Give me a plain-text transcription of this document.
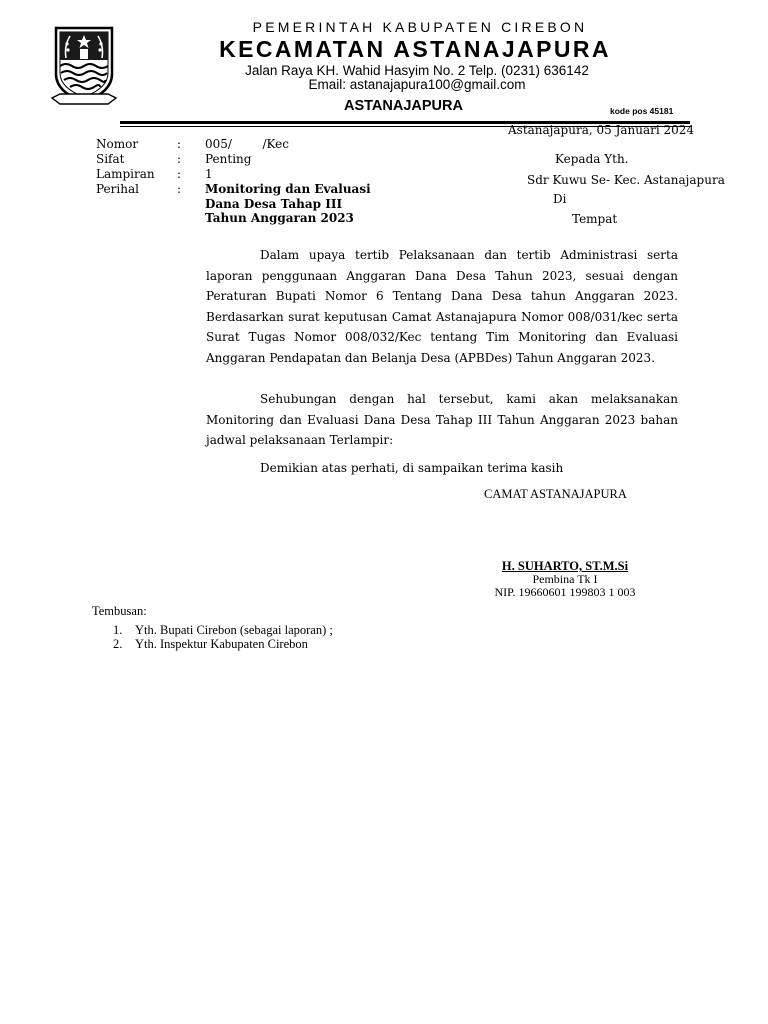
PEMERINTAH KABUPATEN CIREBON
KECAMATAN ASTANAJAPURA
Jalan Raya KH. Wahid Hasyim No. 2 Telp. (0231) 636142
Email: astanajapura100@gmail.com
ASTANAJAPURA	kode pos 45181
Astanajapura, 05 Januari 2024
Kepada Yth.
Sdr Kuwu Se- Kec. Astanajapura
Di
Tempat
Nomor	: 005/        /Kec
Sifat	: Penting
Lampiran : 1
Perihal	: Monitoring dan Evaluasi
Dana Desa Tahap III
Tahun Anggaran 2023
Dalam upaya tertib Pelaksanaan dan tertib Administrasi serta laporan penggunaan Anggaran Dana Desa Tahun 2023, sesuai dengan Peraturan Bupati Nomor 6 Tentang Dana Desa tahun Anggaran 2023. Berdasarkan surat keputusan Camat Astanajapura Nomor 008/031/kec serta Surat Tugas Nomor 008/032/Kec tentang Tim Monitoring dan Evaluasi Anggaran Pendapatan dan Belanja Desa (APBDes) Tahun Anggaran 2023.
Sehubungan dengan hal tersebut, kami akan melaksanakan Monitoring dan Evaluasi Dana Desa Tahap III Tahun Anggaran 2023 bahan jadwal pelaksanaan Terlampir:
Demikian atas perhati, di sampaikan terima kasih
CAMAT ASTANAJAPURA
H. SUHARTO, ST.M.Si
Pembina Tk I
NIP. 19660601 199803 1 003
Tembusan:
1. Yth. Bupati Cirebon (sebagai laporan) ;
2. Yth. Inspektur Kabupaten Cirebon
